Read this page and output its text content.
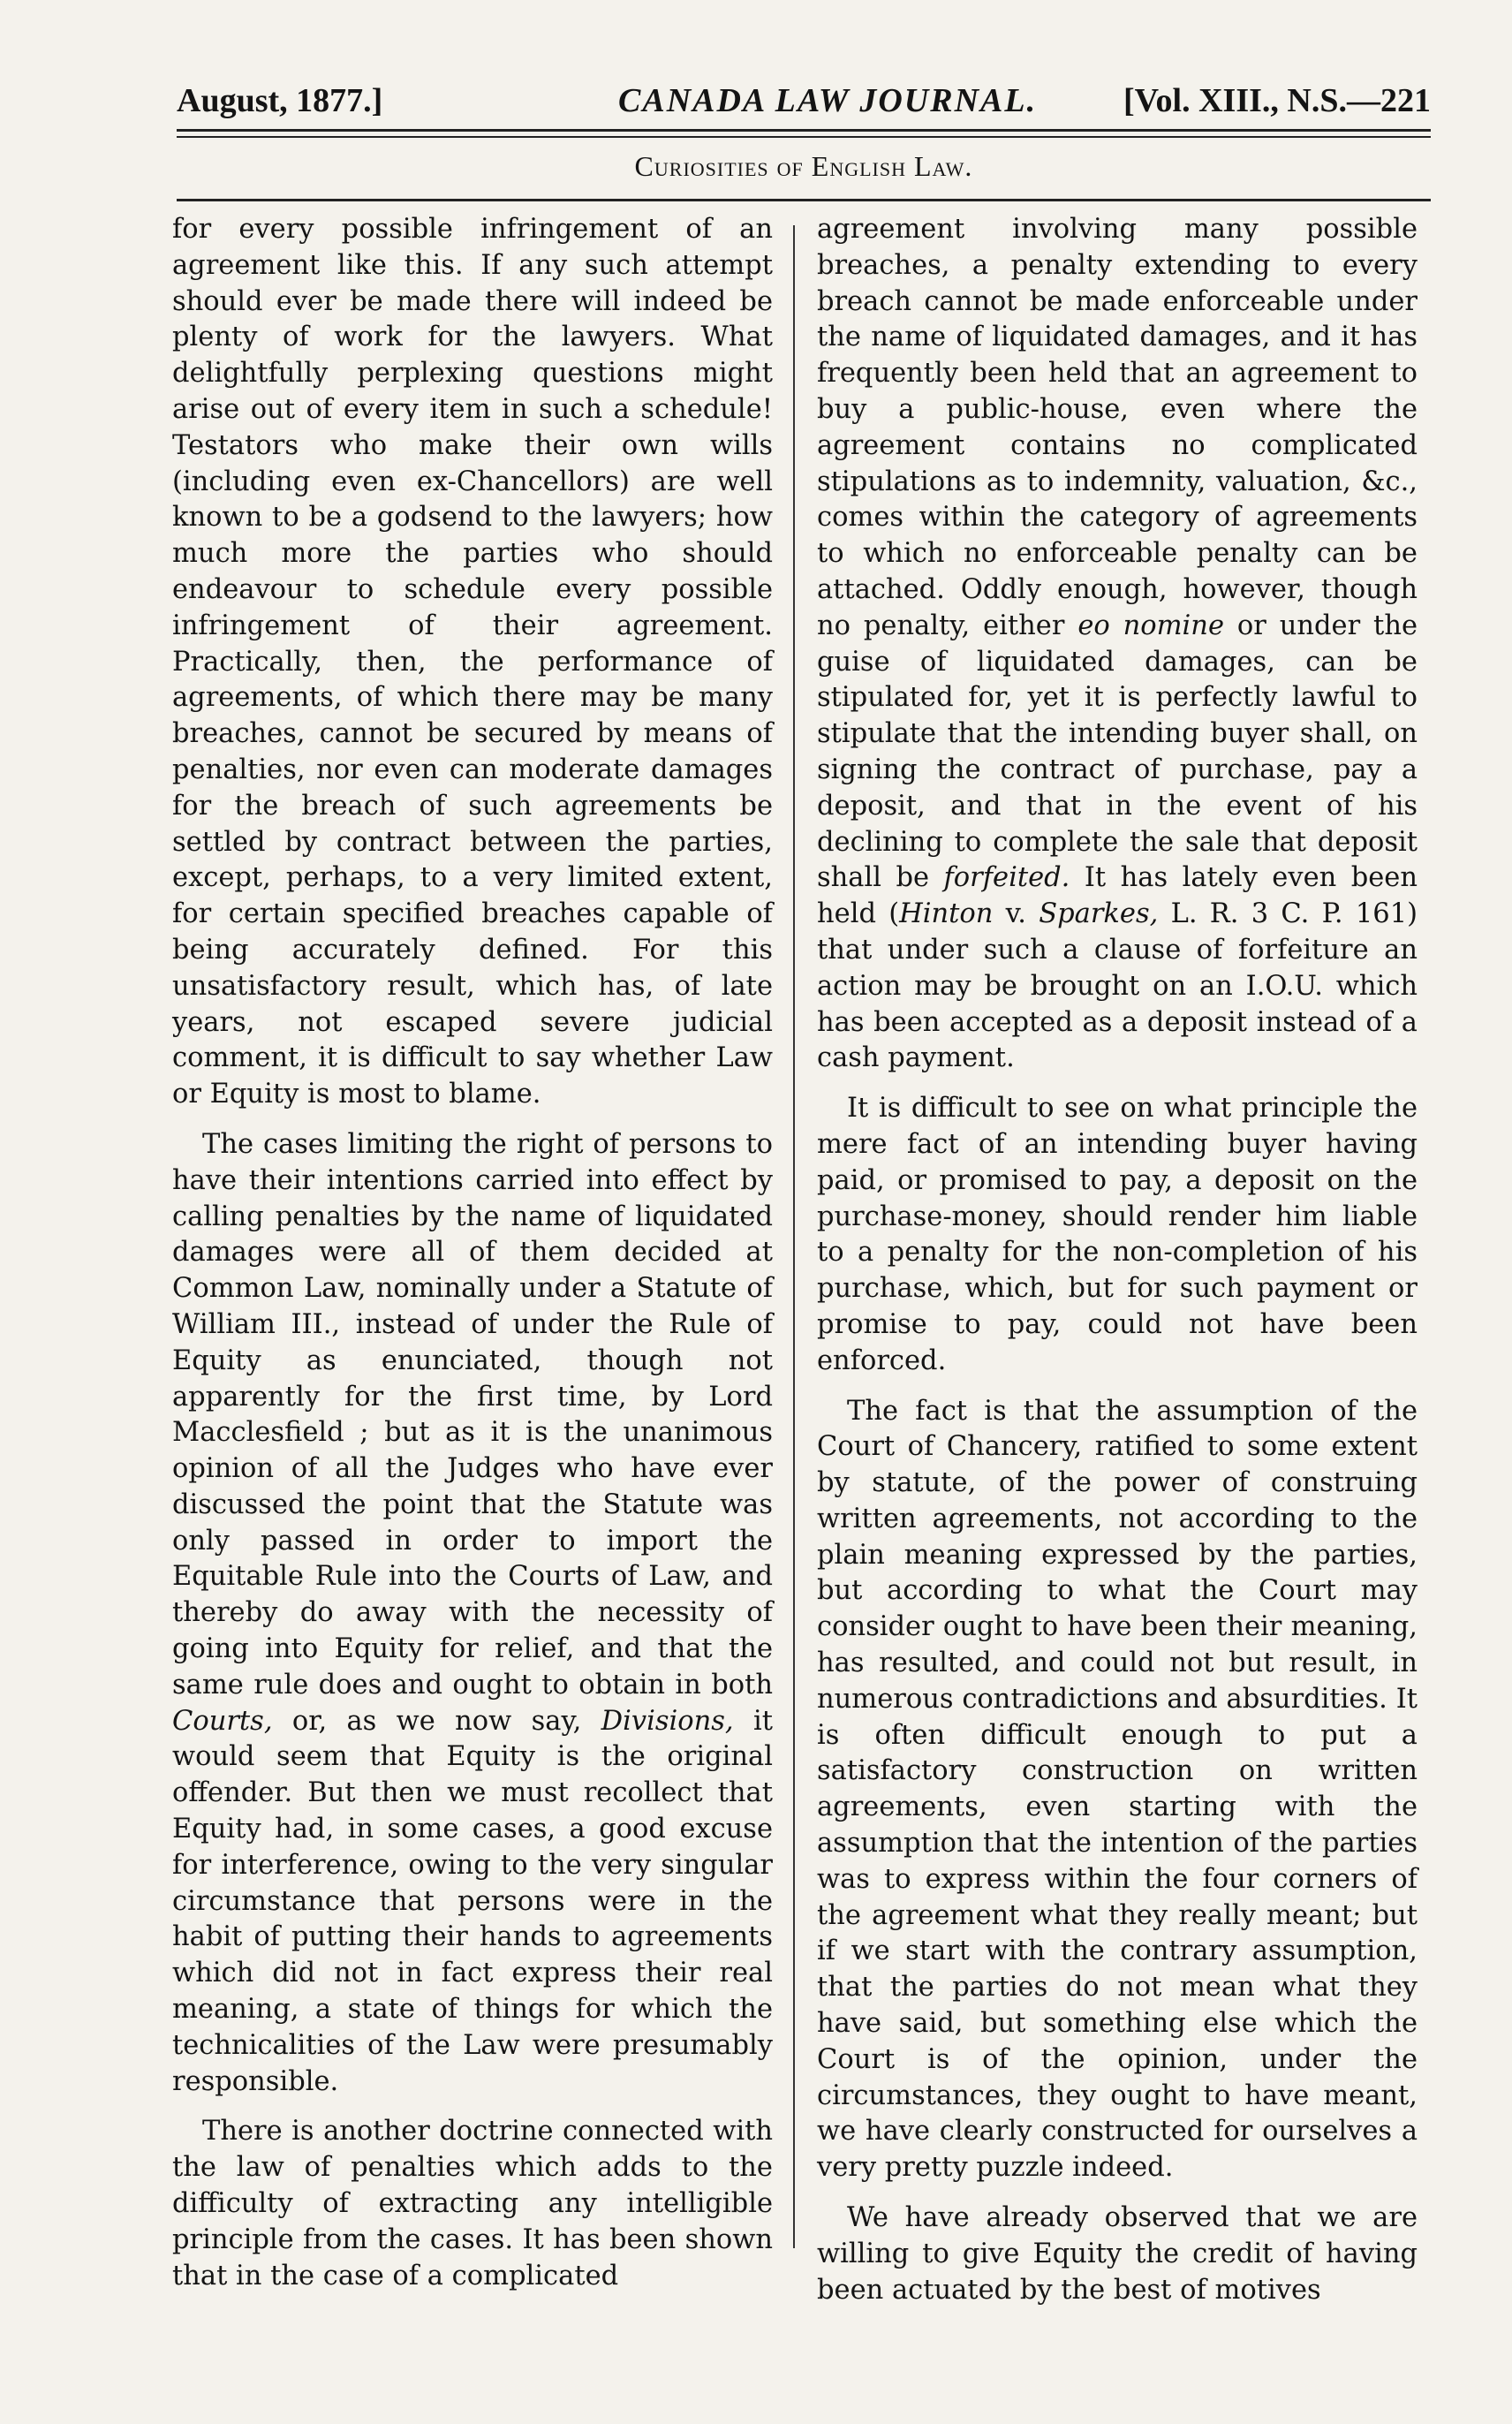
August, 1877.]	CANADA LAW JOURNAL.	[Vol. XIII., N.S.—221
Curiosities of English Law.

for every possible infringement of an agreement like this. If any such attempt should ever be made there will indeed be plenty of work for the lawyers. What delightfully perplexing questions might arise out of every item in such a schedule! Testators who make their own wills (including even ex-Chancellors) are well known to be a godsend to the lawyers; how much more the parties who should endeavour to schedule every possible infringement of their agreement. Practically, then, the performance of agreements, of which there may be many breaches, cannot be secured by means of penalties, nor even can moderate damages for the breach of such agreements be settled by contract between the parties, except, perhaps, to a very limited extent, for certain specified breaches capable of being accurately defined. For this unsatisfactory result, which has, of late years, not escaped severe judicial comment, it is difficult to say whether Law or Equity is most to blame.

The cases limiting the right of persons to have their intentions carried into effect by calling penalties by the name of liquidated damages were all of them decided at Common Law, nominally under a Statute of William III., instead of under the Rule of Equity as enunciated, though not apparently for the first time, by Lord Macclesfield ; but as it is the unanimous opinion of all the Judges who have ever discussed the point that the Statute was only passed in order to import the Equitable Rule into the Courts of Law, and thereby do away with the necessity of going into Equity for relief, and that the same rule does and ought to obtain in both Courts, or, as we now say, Divisions, it would seem that Equity is the original offender. But then we must recollect that Equity had, in some cases, a good excuse for interference, owing to the very singular circumstance that persons were in the habit of putting their hands to agreements which did not in fact express their real meaning, a state of things for which the technicalities of the Law were presumably responsible.

There is another doctrine connected with the law of penalties which adds to the difficulty of extracting any intelligible principle from the cases. It has been shown that in the case of a complicated

agreement involving many possible breaches, a penalty extending to every breach cannot be made enforceable under the name of liquidated damages, and it has frequently been held that an agreement to buy a public-house, even where the agreement contains no complicated stipulations as to indemnity, valuation, &c., comes within the category of agreements to which no enforceable penalty can be attached. Oddly enough, however, though no penalty, either eo nomine or under the guise of liquidated damages, can be stipulated for, yet it is perfectly lawful to stipulate that the intending buyer shall, on signing the contract of purchase, pay a deposit, and that in the event of his declining to complete the sale that deposit shall be forfeited. It has lately even been held (Hinton v. Sparkes, L. R. 3 C. P. 161) that under such a clause of forfeiture an action may be brought on an I.O.U. which has been accepted as a deposit instead of a cash payment.

It is difficult to see on what principle the mere fact of an intending buyer having paid, or promised to pay, a deposit on the purchase-money, should render him liable to a penalty for the non-completion of his purchase, which, but for such payment or promise to pay, could not have been enforced.

The fact is that the assumption of the Court of Chancery, ratified to some extent by statute, of the power of construing written agreements, not according to the plain meaning expressed by the parties, but according to what the Court may consider ought to have been their meaning, has resulted, and could not but result, in numerous contradictions and absurdities. It is often difficult enough to put a satisfactory construction on written agreements, even starting with the assumption that the intention of the parties was to express within the four corners of the agreement what they really meant; but if we start with the contrary assumption, that the parties do not mean what they have said, but something else which the Court is of the opinion, under the circumstances, they ought to have meant, we have clearly constructed for ourselves a very pretty puzzle indeed.

We have already observed that we are willing to give Equity the credit of having been actuated by the best of motives
